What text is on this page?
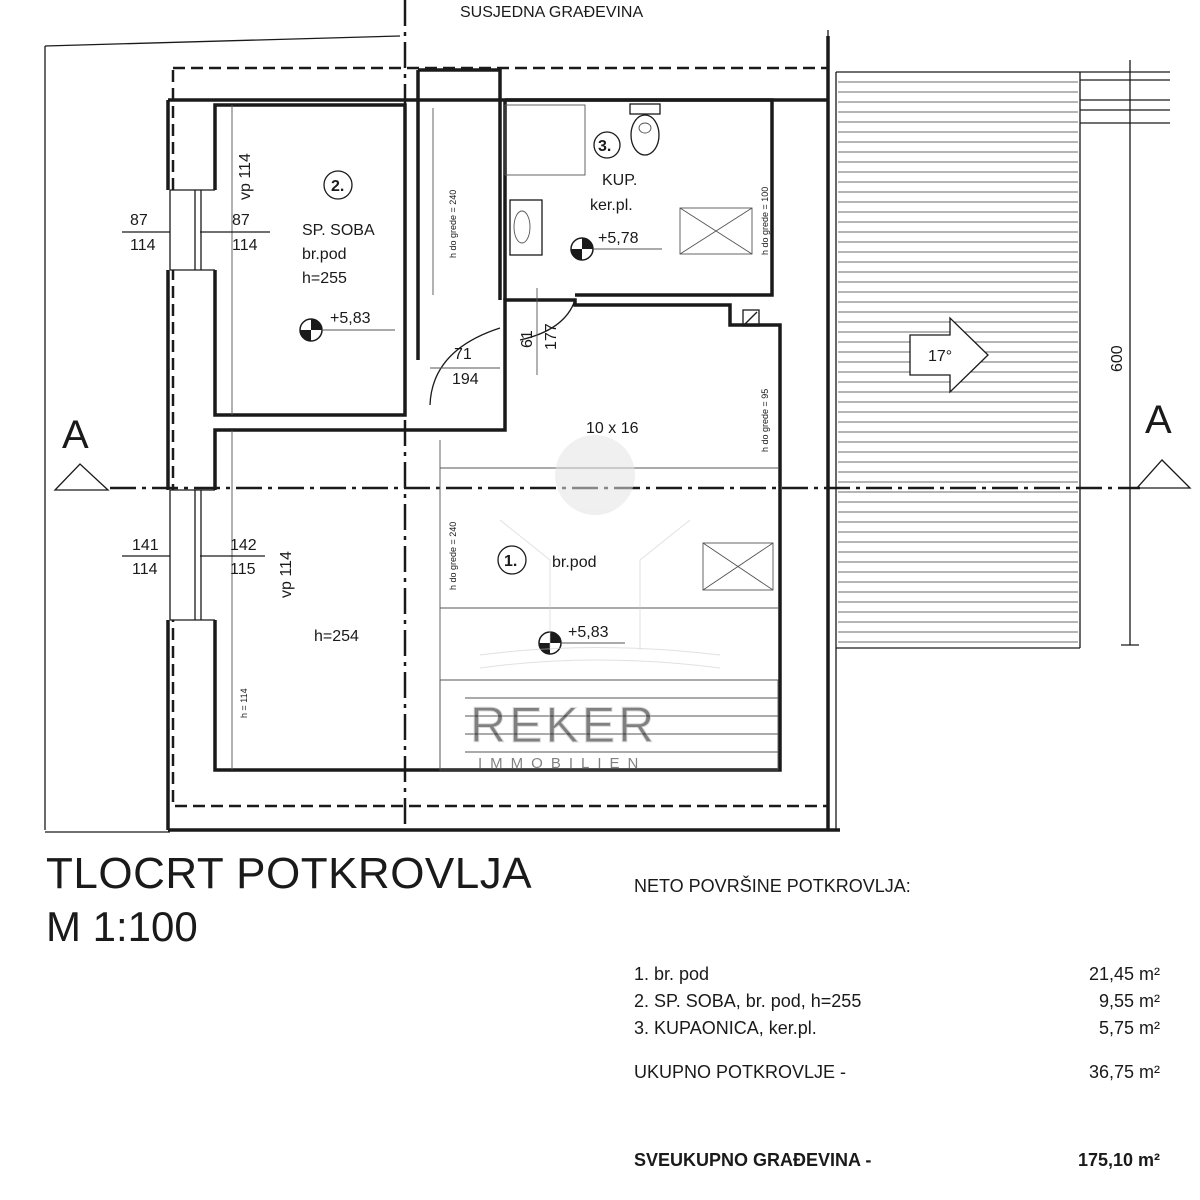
SUSJEDNA GRAĐEVINA
A	A
2.
SP. SOBA
br.pod
h=255
+5,83
3.
KUP.
ker.pl.
+5,78
10 x 16
1. br.pod
h=254	+5,83
87
114
87
114
141
114
142
115
71
194
61 177
vp 114
vp 114
h = 114
h do grede = 240
h do grede = 240
h do grede = 100
h do grede = 95
17°	600
REKER
IMMOBILIEN
TLOCRT POTKROVLJA
M 1:100
NETO POVRŠINE POTKROVLJA:
1. br. pod	21,45 m²
2. SP. SOBA, br. pod, h=255	9,55 m²
3. KUPAONICA, ker.pl.	5,75 m²
UKUPNO POTKROVLJE -	36,75 m²
SVEUKUPNO GRAĐEVINA -	175,10 m²
